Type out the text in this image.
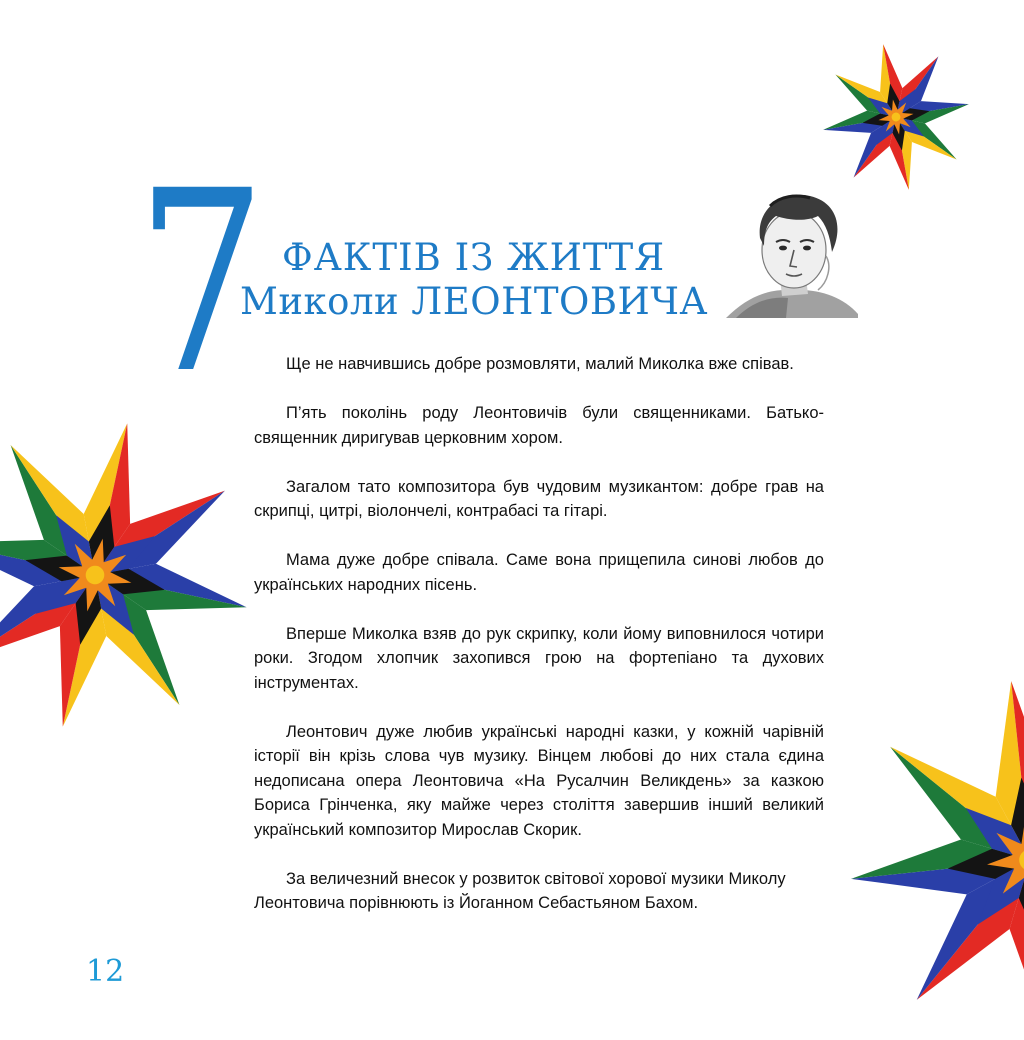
7 ФАКТІВ ІЗ ЖИТТЯ
Миколи ЛЕОНТОВИЧА

Ще не навчившись добре розмовляти, малий Миколка вже співав.

П’ять поколінь роду Леонтовичів були священниками. Батько-священник диригував церковним хором.

Загалом тато композитора був чудовим музикантом: добре грав на скрипці, цитрі, віолончелі, контрабасі та гітарі.

Мама дуже добре співала. Саме вона прищепила синові любов до українських народних пісень.

Вперше Миколка взяв до рук скрипку, коли йому виповнилося чотири роки. Згодом хлопчик захопився грою на фортепіано та духових інструментах.

Леонтович дуже любив українські народні казки, у кожній чарівній історії він крізь слова чув музику. Вінцем любові до них стала єдина недописана опера Леонтовича «На Русалчин Великдень» за казкою Бориса Грінченка, яку майже через століття завершив інший великий український композитор Мирослав Скорик.

За величезний внесок у розвиток світової хорової музики Миколу Леонтовича порівнюють із Йоганном Себастьяном Бахом.

12
